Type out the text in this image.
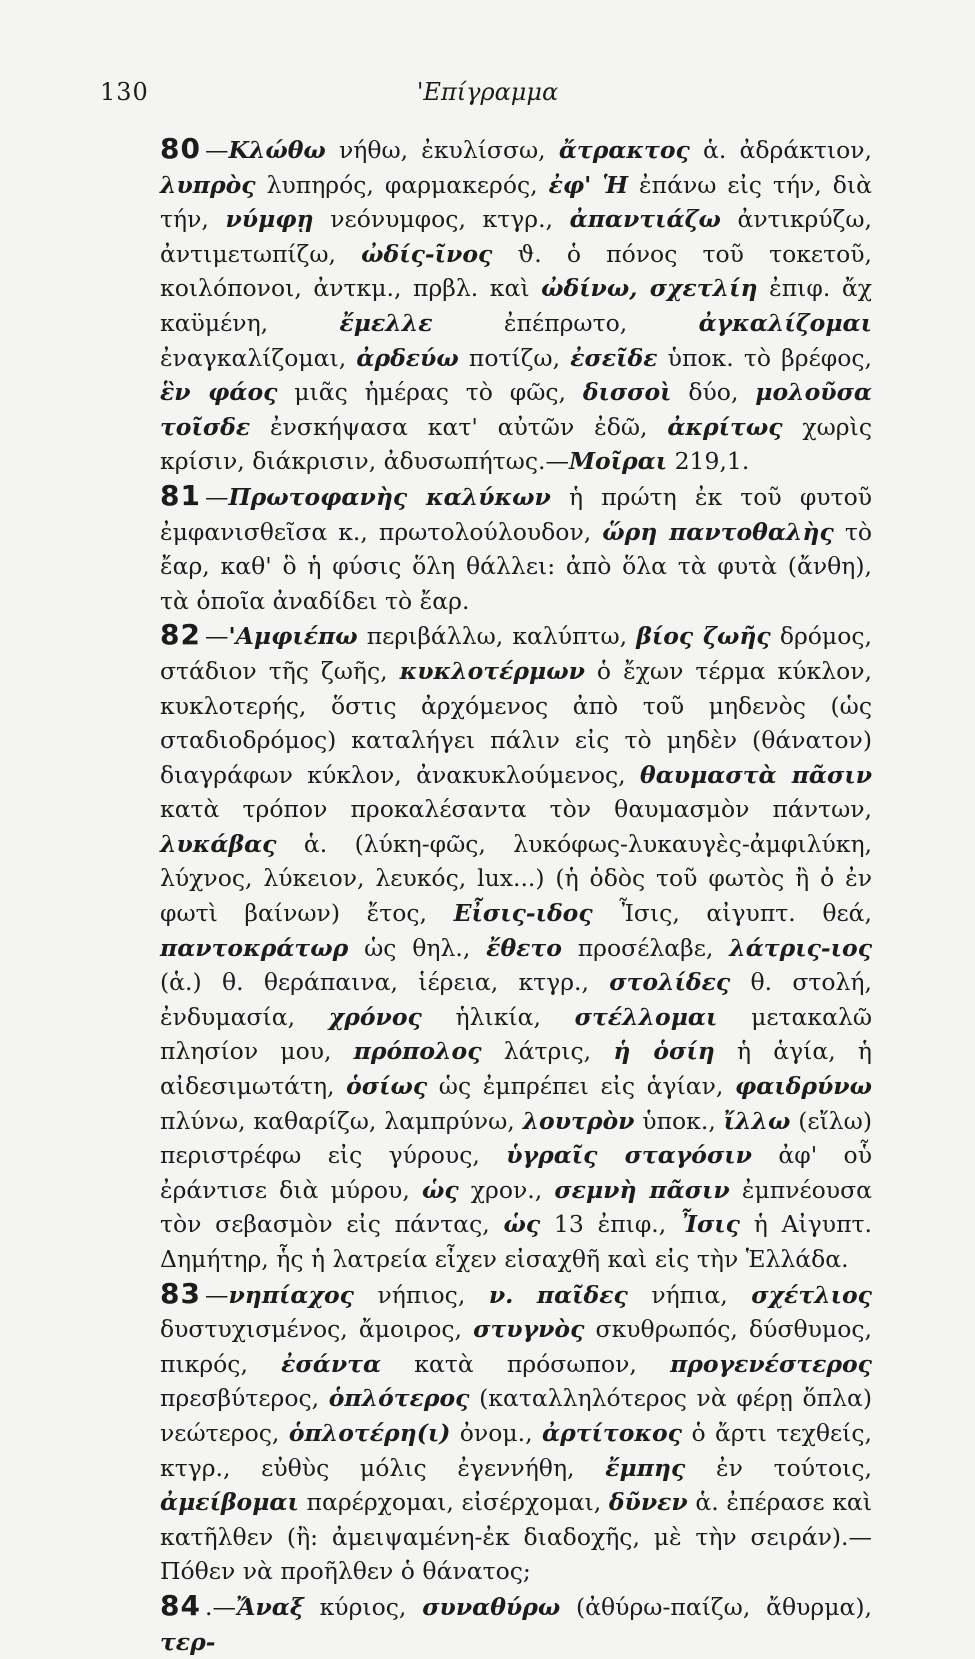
130	'Επίγραμμα

80 —Κλώθω νήθω, ἐκυλίσσω, ἄτρακτος ἁ. ἀδράκτιον, λυπρὸς λυπηρός, φαρμακερός, ἐφ' Ἡ ἐπάνω εἰς τήν, διὰ τήν, νύμφῃ νεόνυμφος, κτγρ., ἀπαντιάζω ἀντικρύζω, ἀντιμετωπίζω, ὠδίς-ῖνος ϑ. ὁ πόνος τοῦ τοκετοῦ, κοιλόπονοι, ἀντκμ., πρβλ. καὶ ὠδίνω, σχετλίη ἐπιφ. ἄχ καϋμένη, ἔμελλε ἐπέπρωτο, ἀγκαλίζομαι ἐναγκαλίζομαι, ἀρδεύω ποτίζω, ἐσεῖδε ὑποκ. τὸ βρέφος, ἓν φάος μιᾶς ἡμέρας τὸ φῶς, δισσοὶ δύο, μολοῦσα τοῖσδε ἐνσκήψασα κατ' αὐτῶν ἐδῶ, ἀκρίτως χωρὶς κρίσιν, διάκρισιν, ἀδυσωπήτως.—Μοῖραι 219,1.

81 —Πρωτοφανὴς καλύκων ἡ πρώτη ἐκ τοῦ φυτοῦ ἐμφανισθεῖσα κ., πρωτολούλουδον, ὥρη παντοθαλὴς τὸ ἔαρ, καθ' ὃ ἡ φύσις ὅλη θάλλει: ἀπὸ ὅλα τὰ φυτὰ (ἄνθη), τὰ ὁποῖα ἀναδίδει τὸ ἔαρ.

82 —'Αμφιέπω περιβάλλω, καλύπτω, βίος ζωῆς δρόμος, στάδιον τῆς ζωῆς, κυκλοτέρμων ὁ ἔχων τέρμα κύκλον, κυκλοτερής, ὅστις ἀρχόμενος ἀπὸ τοῦ μηδενὸς (ὡς σταδιοδρόμος) καταλήγει πάλιν εἰς τὸ μηδὲν (θάνατον) διαγράφων κύκλον, ἀνακυκλούμενος, θαυμαστὰ πᾶσιν κατὰ τρόπον προκαλέσαντα τὸν θαυμασμὸν πάντων, λυκάβας ἁ. (λύκη-φῶς, λυκόφως-λυκαυγὲς-ἀμφιλύκη, λύχνος, λύκειον, λευκός, lux...) (ἡ ὁδὸς τοῦ φωτὸς ἢ ὁ ἐν φωτὶ βαίνων) ἔτος, Εἶσις-ιδος Ἶσις, αἰγυπτ. θεά, παντοκράτωρ ὡς θηλ., ἔθετο προσέλαβε, λάτρις-ιος (ἁ.) θ. θεράπαινα, ἱέρεια, κτγρ., στολίδες θ. στολή, ἐνδυμασία, χρόνος ἡλικία, στέλλομαι μετακαλῶ πλησίον μου, πρόπολος λάτρις, ἡ ὁσίη ἡ ἁγία, ἡ αἰδεσιμωτάτη, ὁσίως ὡς ἐμπρέπει εἰς ἁγίαν, φαιδρύνω πλύνω, καθαρίζω, λαμπρύνω, λουτρὸν ὑποκ., ἴλλω (εἴλω) περιστρέφω εἰς γύρους, ὑγραῖς σταγόσιν ἀφ' οὗ ἐράντισε διὰ μύρου, ὡς χρον., σεμνὴ πᾶσιν ἐμπνέουσα τὸν σεβασμὸν εἰς πάντας, ὡς 13 ἐπιφ., Ἶσις ἡ Αἰγυπτ. Δημήτηρ, ἧς ἡ λατρεία εἶχεν εἰσαχθῆ καὶ εἰς τὴν Ἑλλάδα.

83 —νηπίαχος νήπιος, ν. παῖδες νήπια, σχέτλιος δυστυχισμένος, ἄμοιρος, στυγνὸς σκυθρωπός, δύσθυμος, πικρός, ἐσάντα κατὰ πρόσωπον, προγενέστερος πρεσβύτερος, ὁπλότερος (καταλληλότερος νὰ φέρῃ ὅπλα) νεώτερος, ὁπλοτέρη(ι) ὀνομ., ἀρτίτοκος ὁ ἄρτι τεχθείς, κτγρ., εὐθὺς μόλις ἐγεννήθη, ἔμπης ἐν τούτοις, ἀμείβομαι παρέρχομαι, εἰσέρχομαι, δῦνεν ἁ. ἐπέρασε καὶ κατῆλθεν (ἢ: ἀμειψαμένη-ἐκ διαδοχῆς, μὲ τὴν σειράν).—Πόθεν νὰ προῆλθεν ὁ θάνατος;

84 .—Ἄναξ κύριος, συναθύρω (ἀθύρω-παίζω, ἄθυρμα), τερ-
